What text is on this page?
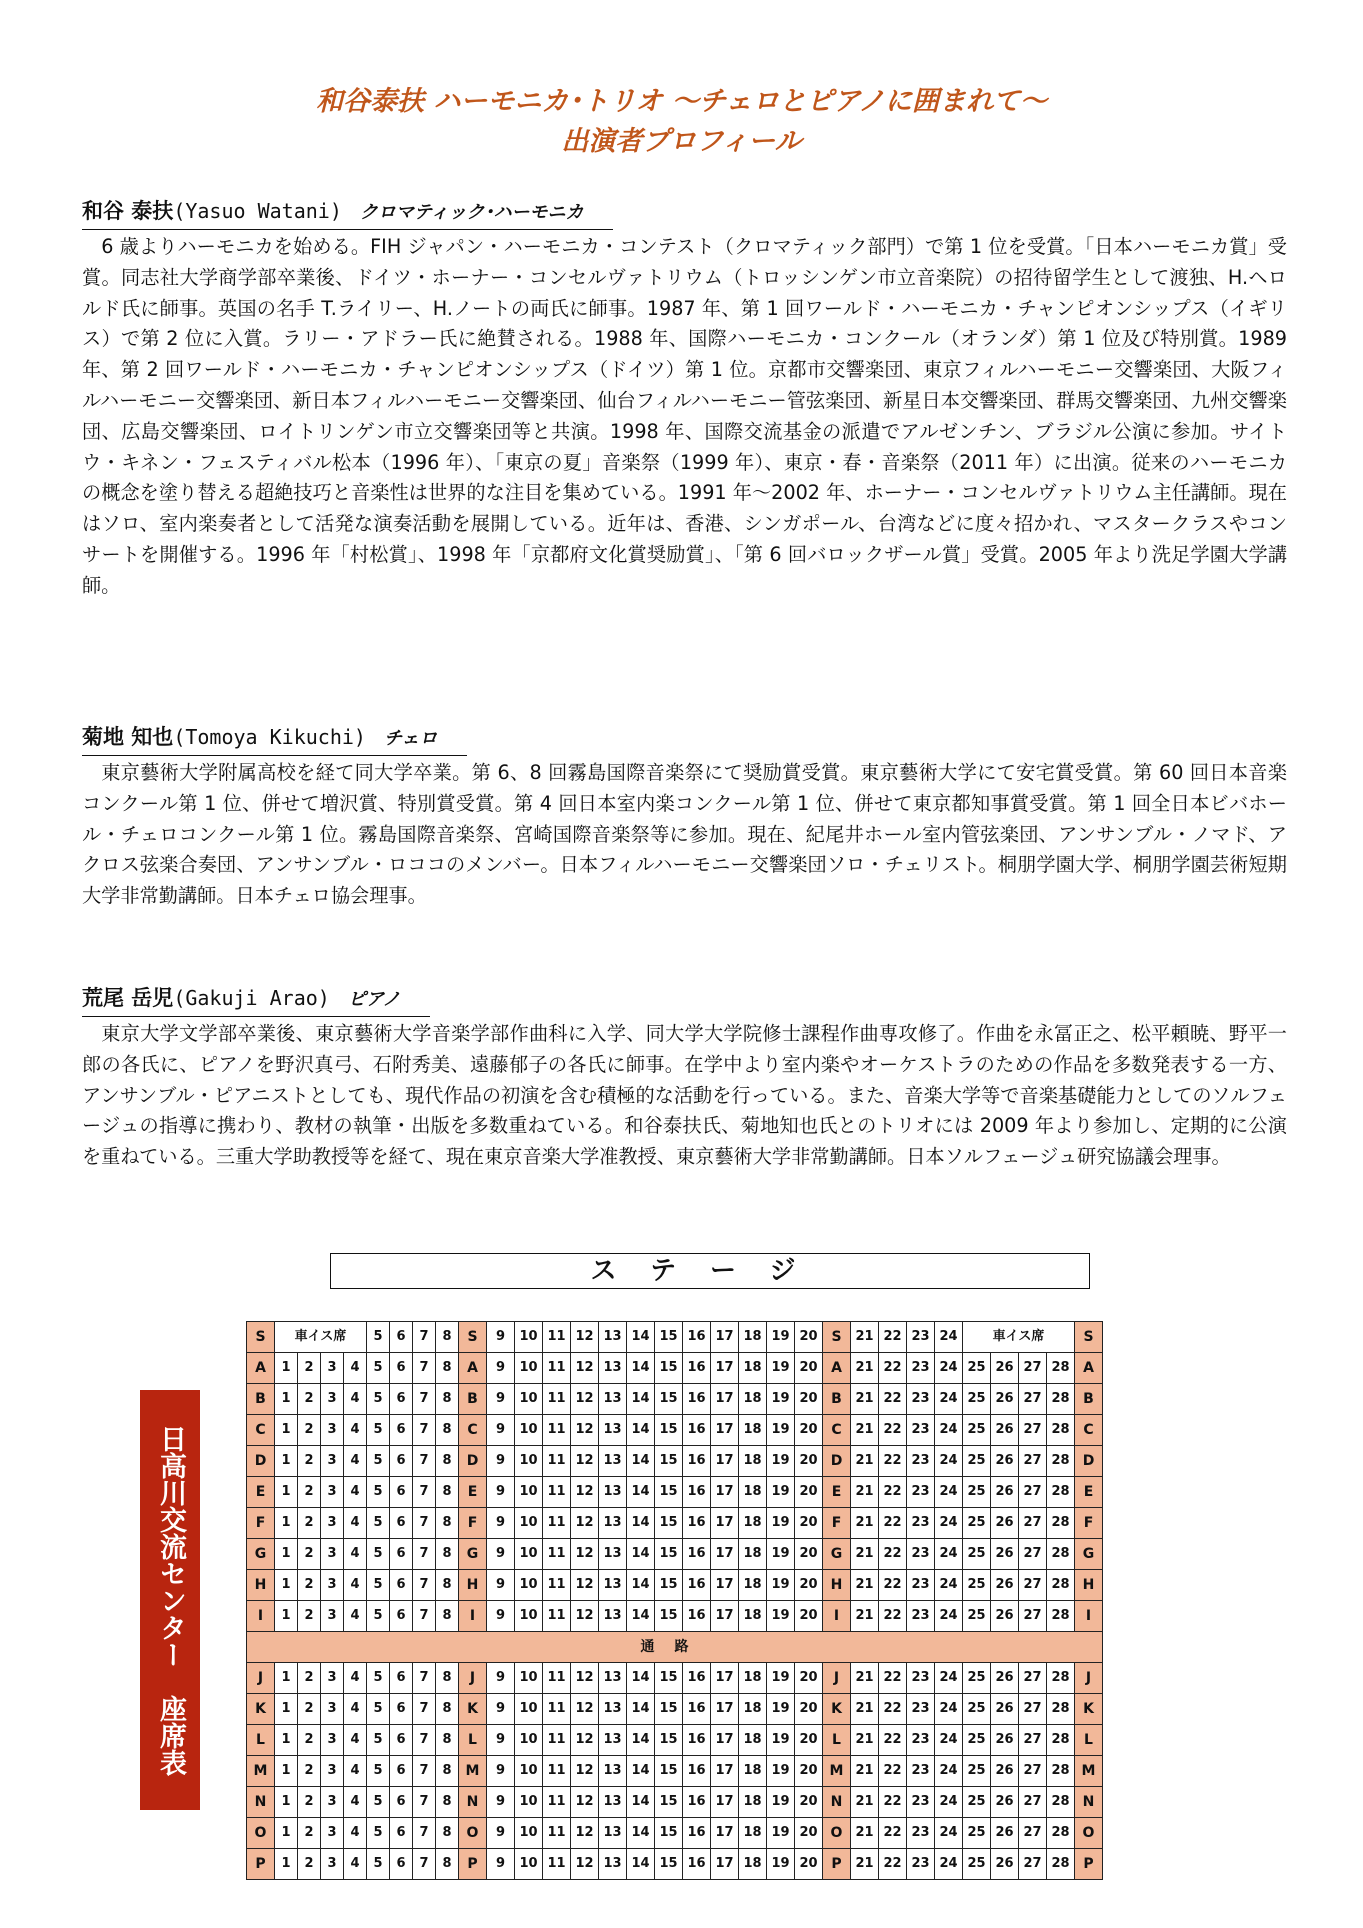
和谷泰扶 ハーモニカ･トリオ ～チェロとピアノに囲まれて～
出演者プロフィール
和谷 泰扶(Yasuo Watani) クロマティック･ハーモニカ

6 歳よりハーモニカを始める。FIH ジャパン・ハーモニカ・コンテスト（クロマティック部門）で第 1 位を受賞。「日本ハーモニカ賞」受賞。同志社大学商学部卒業後、ドイツ・ホーナー・コンセルヴァトリウム（トロッシンゲン市立音楽院）の招待留学生として渡独、H.ヘロルド氏に師事。英国の名手 T.ライリー、H.ノートの両氏に師事。1987 年、第 1 回ワールド・ハーモニカ・チャンピオンシップス（イギリス）で第 2 位に入賞。ラリー・アドラー氏に絶賛される。1988 年、国際ハーモニカ・コンクール（オランダ）第 1 位及び特別賞。1989 年、第 2 回ワールド・ハーモニカ・チャンピオンシップス（ドイツ）第 1 位。京都市交響楽団、東京フィルハーモニー交響楽団、大阪フィルハーモニー交響楽団、新日本フィルハーモニー交響楽団、仙台フィルハーモニー管弦楽団、新星日本交響楽団、群馬交響楽団、九州交響楽団、広島交響楽団、ロイトリンゲン市立交響楽団等と共演。1998 年、国際交流基金の派遣でアルゼンチン、ブラジル公演に参加。サイトウ・キネン・フェスティバル松本（1996 年）、「東京の夏」音楽祭（1999 年）、東京・春・音楽祭（2011 年）に出演。従来のハーモニカの概念を塗り替える超絶技巧と音楽性は世界的な注目を集めている。1991 年～2002 年、ホーナー・コンセルヴァトリウム主任講師。現在はソロ、室内楽奏者として活発な演奏活動を展開している。近年は、香港、シンガポール、台湾などに度々招かれ、マスタークラスやコンサートを開催する。1996 年「村松賞」、1998 年「京都府文化賞奨励賞」、「第 6 回バロックザール賞」受賞。2005 年より洗足学園大学講師。

菊地 知也(Tomoya Kikuchi) チェロ

東京藝術大学附属高校を経て同大学卒業。第 6、8 回霧島国際音楽祭にて奨励賞受賞。東京藝術大学にて安宅賞受賞。第 60 回日本音楽コンクール第 1 位、併せて増沢賞、特別賞受賞。第 4 回日本室内楽コンクール第 1 位、併せて東京都知事賞受賞。第 1 回全日本ビバホール・チェロコンクール第 1 位。霧島国際音楽祭、宮崎国際音楽祭等に参加。現在、紀尾井ホール室内管弦楽団、アンサンブル・ノマド、アクロス弦楽合奏団、アンサンブル・ロココのメンバー。日本フィルハーモニー交響楽団ソロ・チェリスト。桐朋学園大学、桐朋学園芸術短期大学非常勤講師。日本チェロ協会理事。

荒尾 岳児(Gakuji Arao) ピアノ

東京大学文学部卒業後、東京藝術大学音楽学部作曲科に入学、同大学大学院修士課程作曲専攻修了。作曲を永冨正之、松平頼暁、野平一郎の各氏に、ピアノを野沢真弓、石附秀美、遠藤郁子の各氏に師事。在学中より室内楽やオーケストラのための作品を多数発表する一方、アンサンブル・ピアニストとしても、現代作品の初演を含む積極的な活動を行っている。また、音楽大学等で音楽基礎能力としてのソルフェージュの指導に携わり、教材の執筆・出版を多数重ねている。和谷泰扶氏、菊地知也氏とのトリオには 2009 年より参加し、定期的に公演を重ねている。三重大学助教授等を経て、現在東京音楽大学准教授、東京藝術大学非常勤講師。日本ソルフェージュ研究協議会理事。

ステージ
日高川交流センター　座席表
S	車イス席				5	6	7	8	S	9	10	11	12	13	14	15	16	17	18	19	20	S	21	22	23	24	車イス席				S
A	1	2	3	4	5	6	7	8	A	9	10	11	12	13	14	15	16	17	18	19	20	A	21	22	23	24	25	26	27	28	A
B	1	2	3	4	5	6	7	8	B	9	10	11	12	13	14	15	16	17	18	19	20	B	21	22	23	24	25	26	27	28	B
C	1	2	3	4	5	6	7	8	C	9	10	11	12	13	14	15	16	17	18	19	20	C	21	22	23	24	25	26	27	28	C
D	1	2	3	4	5	6	7	8	D	9	10	11	12	13	14	15	16	17	18	19	20	D	21	22	23	24	25	26	27	28	D
E	1	2	3	4	5	6	7	8	E	9	10	11	12	13	14	15	16	17	18	19	20	E	21	22	23	24	25	26	27	28	E
F	1	2	3	4	5	6	7	8	F	9	10	11	12	13	14	15	16	17	18	19	20	F	21	22	23	24	25	26	27	28	F
G	1	2	3	4	5	6	7	8	G	9	10	11	12	13	14	15	16	17	18	19	20	G	21	22	23	24	25	26	27	28	G
H	1	2	3	4	5	6	7	8	H	9	10	11	12	13	14	15	16	17	18	19	20	H	21	22	23	24	25	26	27	28	H
I	1	2	3	4	5	6	7	8	I	9	10	11	12	13	14	15	16	17	18	19	20	I	21	22	23	24	25	26	27	28	I
通路																															
J	1	2	3	4	5	6	7	8	J	9	10	11	12	13	14	15	16	17	18	19	20	J	21	22	23	24	25	26	27	28	J
K	1	2	3	4	5	6	7	8	K	9	10	11	12	13	14	15	16	17	18	19	20	K	21	22	23	24	25	26	27	28	K
L	1	2	3	4	5	6	7	8	L	9	10	11	12	13	14	15	16	17	18	19	20	L	21	22	23	24	25	26	27	28	L
M	1	2	3	4	5	6	7	8	M	9	10	11	12	13	14	15	16	17	18	19	20	M	21	22	23	24	25	26	27	28	M
N	1	2	3	4	5	6	7	8	N	9	10	11	12	13	14	15	16	17	18	19	20	N	21	22	23	24	25	26	27	28	N
O	1	2	3	4	5	6	7	8	O	9	10	11	12	13	14	15	16	17	18	19	20	O	21	22	23	24	25	26	27	28	O
P	1	2	3	4	5	6	7	8	P	9	10	11	12	13	14	15	16	17	18	19	20	P	21	22	23	24	25	26	27	28	P
